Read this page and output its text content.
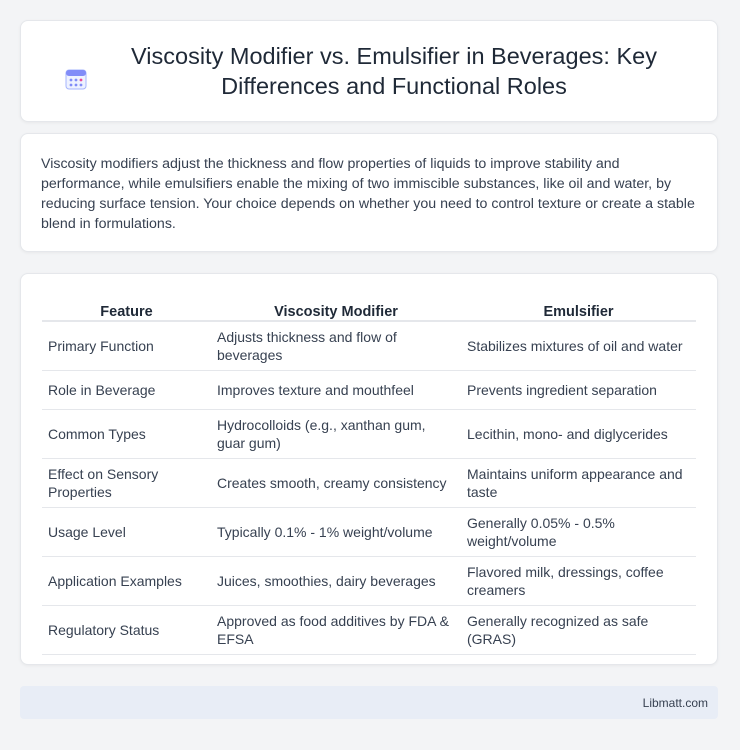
Viscosity Modifier vs. Emulsifier in Beverages: Key Differences and Functional Roles

Viscosity modifiers adjust the thickness and flow properties of liquids to improve stability and performance, while emulsifiers enable the mixing of two immiscible substances, like oil and water, by reducing surface tension. Your choice depends on whether you need to control texture or create a stable blend in formulations.

Feature	Viscosity Modifier	Emulsifier
Primary Function	Adjusts thickness and flow of beverages	Stabilizes mixtures of oil and water
Role in Beverage	Improves texture and mouthfeel	Prevents ingredient separation
Common Types	Hydrocolloids (e.g., xanthan gum, guar gum)	Lecithin, mono- and diglycerides
Effect on Sensory Properties	Creates smooth, creamy consistency	Maintains uniform appearance and taste
Usage Level	Typically 0.1% - 1% weight/volume	Generally 0.05% - 0.5% weight/volume
Application Examples	Juices, smoothies, dairy beverages	Flavored milk, dressings, coffee creamers
Regulatory Status	Approved as food additives by FDA & EFSA	Generally recognized as safe (GRAS)
Libmatt.com
